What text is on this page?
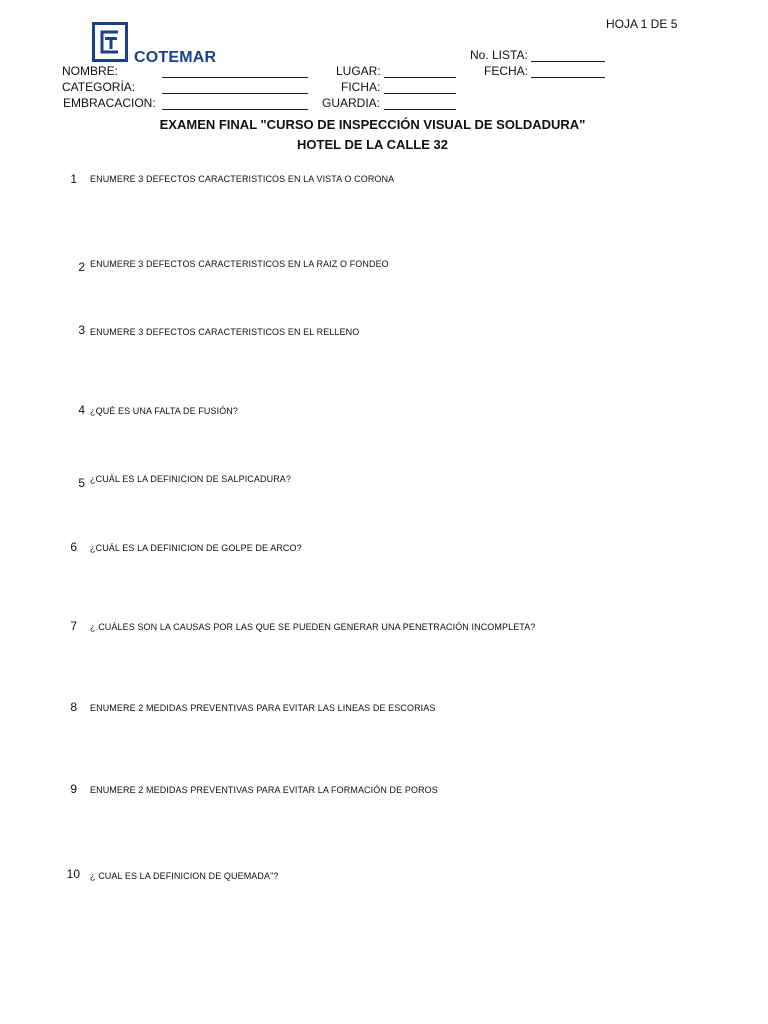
HOJA 1 DE 5
COTEMAR	No. LISTA:
NOMBRE:	LUGAR:	FECHA:
CATEGORÍA:	FICHA:
EMBRACACION:	GUARDIA:
EXAMEN FINAL "CURSO DE INSPECCIÓN VISUAL DE SOLDADURA"
HOTEL DE LA CALLE 32
1 ENUMERE 3 DEFECTOS CARACTERISTICOS EN LA VISTA O CORONA
2 ENUMERE 3 DEFECTOS CARACTERISTICOS EN LA RAIZ O FONDEO
3 ENUMERE 3 DEFECTOS CARACTERISTICOS EN EL RELLENO
4 ¿QUÉ ES UNA FALTA DE FUSIÓN?
5 ¿CUÁL ES LA DEFINICION DE SALPICADURA?
6 ¿CUÁL ES LA DEFINICION DE GOLPE DE ARCO?
7 ¿ CUÁLES SON LA CAUSAS POR LAS QUE SE PUEDEN GENERAR UNA PENETRACIÓN INCOMPLETA?
8 ENUMERE 2 MEDIDAS PREVENTIVAS PARA EVITAR LAS LINEAS DE ESCORIAS
9 ENUMERE 2 MEDIDAS PREVENTIVAS PARA EVITAR LA FORMACIÓN DE POROS
10 ¿ CUAL ES LA DEFINICION DE QUEMADA"?
